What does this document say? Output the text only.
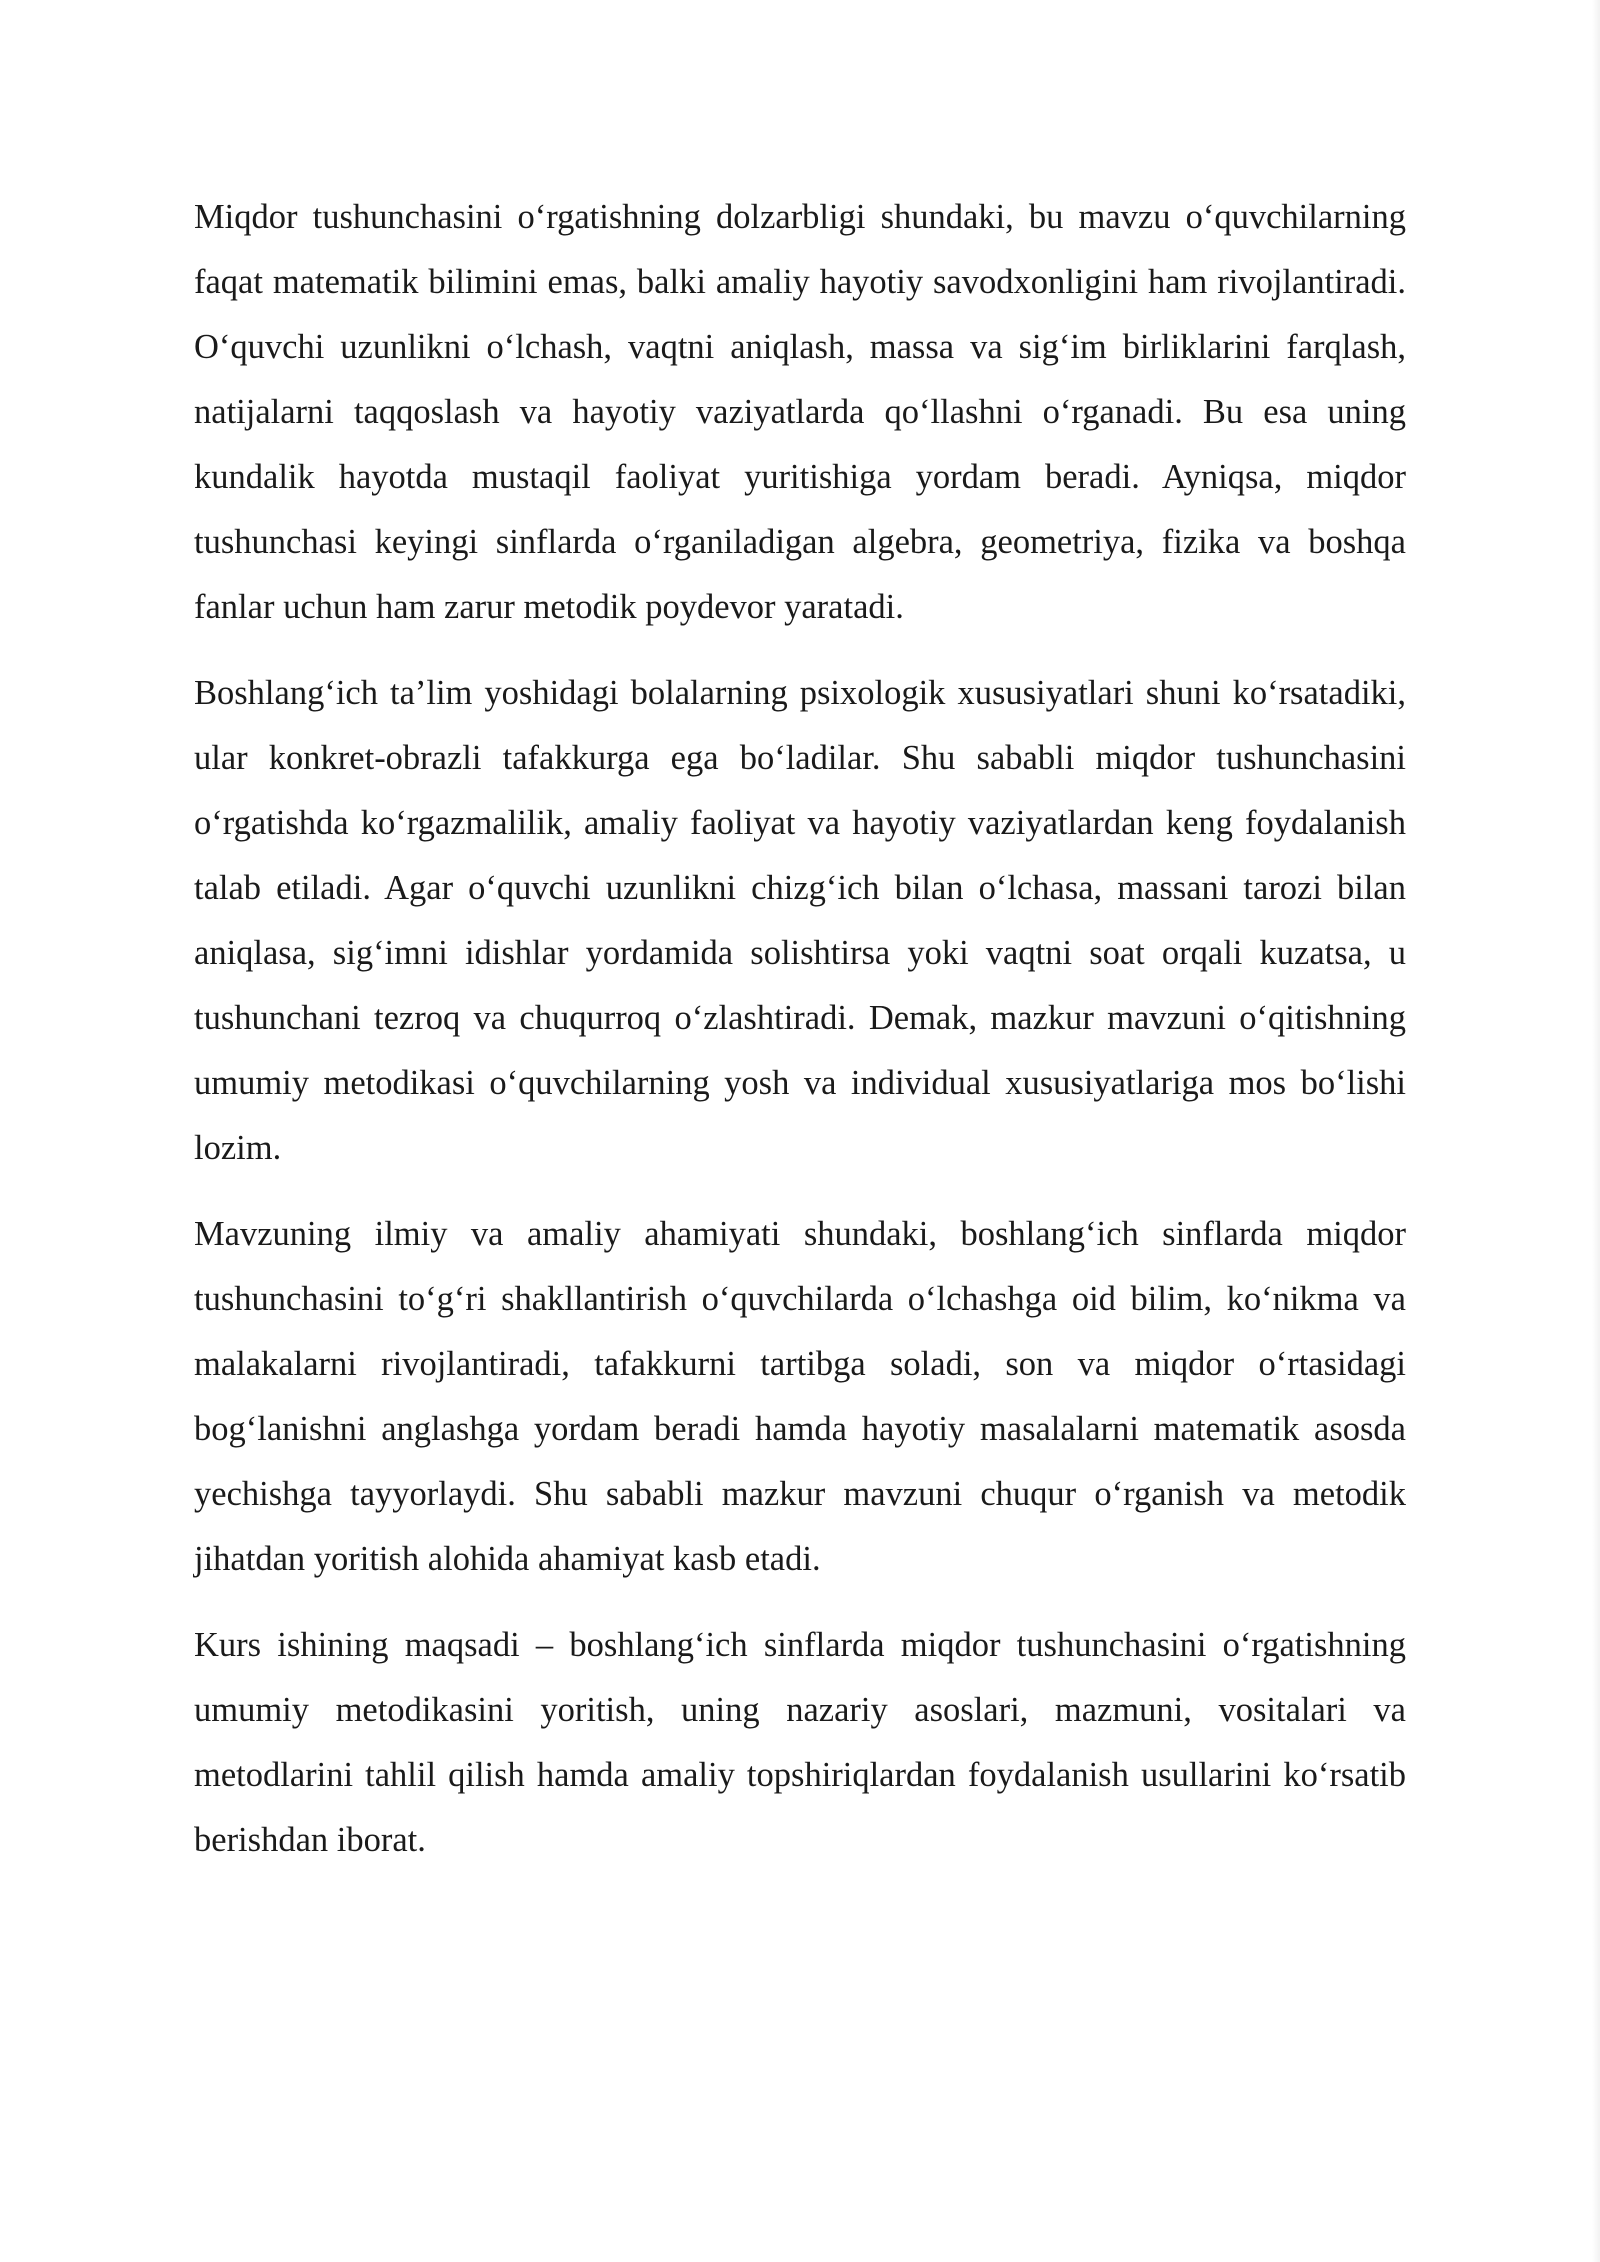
Miqdor tushunchasini o‘rgatishning dolzarbligi shundaki, bu mavzu o‘quvchilarning faqat matematik bilimini emas, balki amaliy hayotiy savodxonligini ham rivojlantiradi. O‘quvchi uzunlikni o‘lchash, vaqtni aniqlash, massa va sig‘im birliklarini farqlash, natijalarni taqqoslash va hayotiy vaziyatlarda qo‘llashni o‘rganadi. Bu esa uning kundalik hayotda mustaqil faoliyat yuritishiga yordam beradi. Ayniqsa, miqdor tushunchasi keyingi sinflarda o‘rganiladigan algebra, geometriya, fizika va boshqa fanlar uchun ham zarur metodik poydevor yaratadi.

Boshlang‘ich ta’lim yoshidagi bolalarning psixologik xususiyatlari shuni ko‘rsatadiki, ular konkret-obrazli tafakkurga ega bo‘ladilar. Shu sababli miqdor tushunchasini o‘rgatishda ko‘rgazmalilik, amaliy faoliyat va hayotiy vaziyatlardan keng foydalanish talab etiladi. Agar o‘quvchi uzunlikni chizg‘ich bilan o‘lchasa, massani tarozi bilan aniqlasa, sig‘imni idishlar yordamida solishtirsa yoki vaqtni soat orqali kuzatsa, u tushunchani tezroq va chuqurroq o‘zlashtiradi. Demak, mazkur mavzuni o‘qitishning umumiy metodikasi o‘quvchilarning yosh va individual xususiyatlariga mos bo‘lishi lozim.

Mavzuning ilmiy va amaliy ahamiyati shundaki, boshlang‘ich sinflarda miqdor tushunchasini to‘g‘ri shakllantirish o‘quvchilarda o‘lchashga oid bilim, ko‘nikma va malakalarni rivojlantiradi, tafakkurni tartibga soladi, son va miqdor o‘rtasidagi bog‘lanishni anglashga yordam beradi hamda hayotiy masalalarni matematik asosda yechishga tayyorlaydi. Shu sababli mazkur mavzuni chuqur o‘rganish va metodik jihatdan yoritish alohida ahamiyat kasb etadi.

Kurs ishining maqsadi – boshlang‘ich sinflarda miqdor tushunchasini o‘rgatishning umumiy metodikasini yoritish, uning nazariy asoslari, mazmuni, vositalari va metodlarini tahlil qilish hamda amaliy topshiriqlardan foydalanish usullarini ko‘rsatib berishdan iborat.
